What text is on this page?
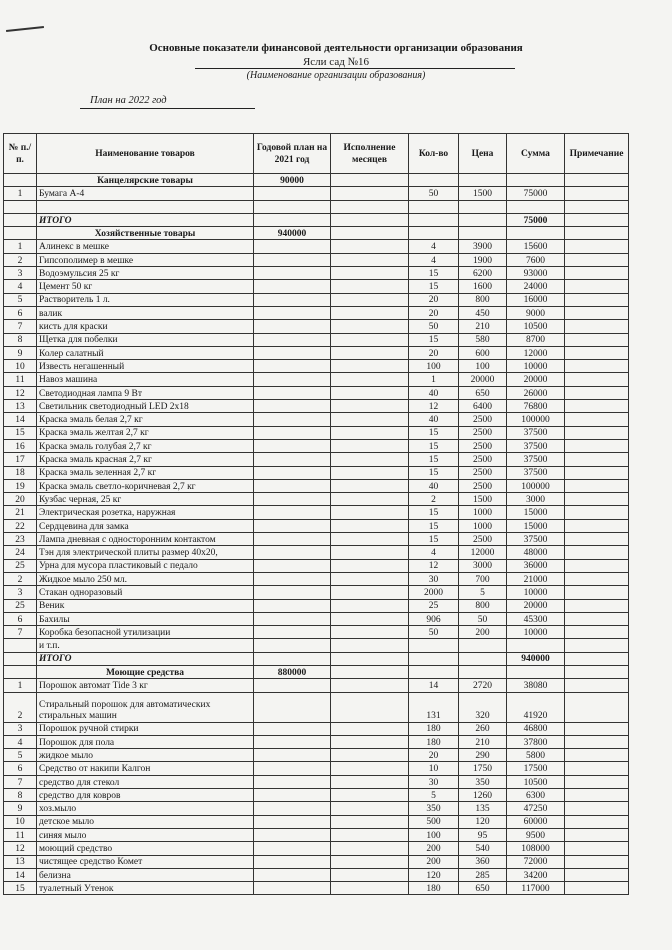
Основные показатели финансовой деятельности организации образования
Ясли сад №16
(Наименование организации образования)
План на 2022 год
№ п./п.	Наименование товаров	Годовой план на 2021 год	Исполнение месяцев	Кол-во	Цена	Сумма	Примечание
	Канцелярские товары	90000					
1	Бумага А-4			50	1500	75000	

	ИТОГО					75000	
	Хозяйственные товары	940000					
1	Алинекс в мешке			4	3900	15600	
2	Гипсополимер в мешке			4	1900	7600	
3	Водоэмульсия 25 кг			15	6200	93000	
4	Цемент 50 кг			15	1600	24000	
5	Растворитель 1 л.			20	800	16000	
6	валик			20	450	9000	
7	кисть для краски			50	210	10500	
8	Щетка для побелки			15	580	8700	
9	Колер салатный			20	600	12000	
10	Известь негашенный			100	100	10000	
11	Навоз машина			1	20000	20000	
12	Светодиодная лампа 9 Вт			40	650	26000	
13	Светильник светодиодный LED 2х18			12	6400	76800	
14	Краска эмаль белая 2,7 кг			40	2500	100000	
15	Краска эмаль желтая 2,7 кг			15	2500	37500	
16	Краска эмаль голубая 2,7 кг			15	2500	37500	
17	Краска эмаль красная 2,7 кг			15	2500	37500	
18	Краска эмаль зеленная 2,7 кг			15	2500	37500	
19	Краска эмаль светло-коричневая 2,7 кг			40	2500	100000	
20	Кузбас черная, 25 кг			2	1500	3000	
21	Электрическая розетка, наружная			15	1000	15000	
22	Сердцевина для замка			15	1000	15000	
23	Лампа дневная с односторонним контактом			15	2500	37500	
24	Тэн для электрической плиты размер 40х20,			4	12000	48000	
25	Урна для мусора пластиковый с педало			12	3000	36000	
2	Жидкое мыло 250 мл.			30	700	21000	
3	Стакан одноразовый			2000	5	10000	
25	Веник			25	800	20000	
6	Бахилы			906	50	45300	
7	Коробка безопасной утилизации			50	200	10000	
	и т.п.						
	ИТОГО					940000	
	Моющие средства	880000					
1	Порошок автомат Tide 3 кг			14	2720	38080	
2	Стиральный порошок для автоматических стиральных машин			131	320	41920	
3	Порошок ручной стирки			180	260	46800	
4	Порошок для пола			180	210	37800	
5	жидкое мыло			20	290	5800	
6	Средство от накипи Калгон			10	1750	17500	
7	средство для стекол			30	350	10500	
8	средство для ковров			5	1260	6300	
9	хоз.мыло			350	135	47250	
10	детское мыло			500	120	60000	
11	синяя мыло			100	95	9500	
12	моющий средство			200	540	108000	
13	чистящее средство Комет			200	360	72000	
14	белизна			120	285	34200	
15	туалетный Утенок			180	650	117000	
